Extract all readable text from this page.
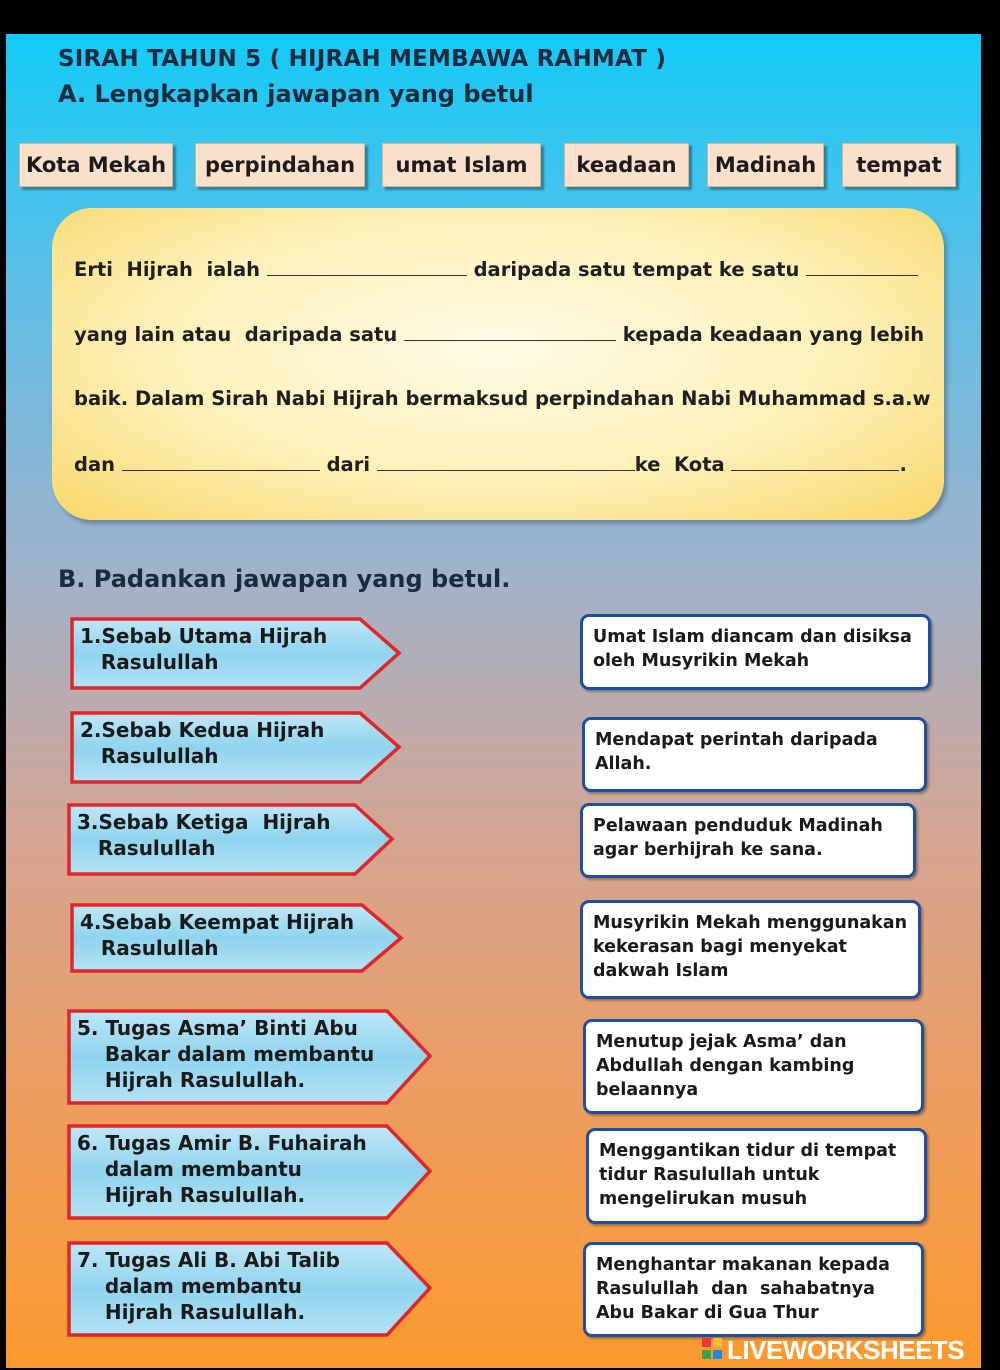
SIRAH TAHUN 5 ( HIJRAH MEMBAWA RAHMAT )
A. Lengkapkan jawapan yang betul
Kota Mekah	perpindahan	umat Islam	keadaan	Madinah	tempat
Erti  Hijrah  ialah	daripada satu tempat ke satu
yang lain atau  daripada satu	kepada keadaan yang lebih
baik. Dalam Sirah Nabi Hijrah bermaksud perpindahan Nabi Muhammad s.a.w
dan	dari	ke  Kota	.
B. Padankan jawapan yang betul.
1.Sebab Utama Hijrah
Rasulullah
2.Sebab Kedua Hijrah
Rasulullah
3.Sebab Ketiga  Hijrah
Rasulullah
4.Sebab Keempat Hijrah
Rasulullah
5. Tugas Asma’ Binti Abu
Bakar dalam membantu
Hijrah Rasulullah.
6. Tugas Amir B. Fuhairah
dalam membantu
Hijrah Rasulullah.
7. Tugas Ali B. Abi Talib
dalam membantu
Hijrah Rasulullah.
Umat Islam diancam dan disiksa
oleh Musyrikin Mekah
Mendapat perintah daripada
Allah.
Pelawaan penduduk Madinah
agar berhijrah ke sana.
Musyrikin Mekah menggunakan
kekerasan bagi menyekat
dakwah Islam
Menutup jejak Asma’ dan
Abdullah dengan kambing
belaannya
Menggantikan tidur di tempat
tidur Rasulullah untuk
mengelirukan musuh
Menghantar makanan kepada
Rasulullah  dan  sahabatnya
Abu Bakar di Gua Thur
LIVEWORKSHEETS
